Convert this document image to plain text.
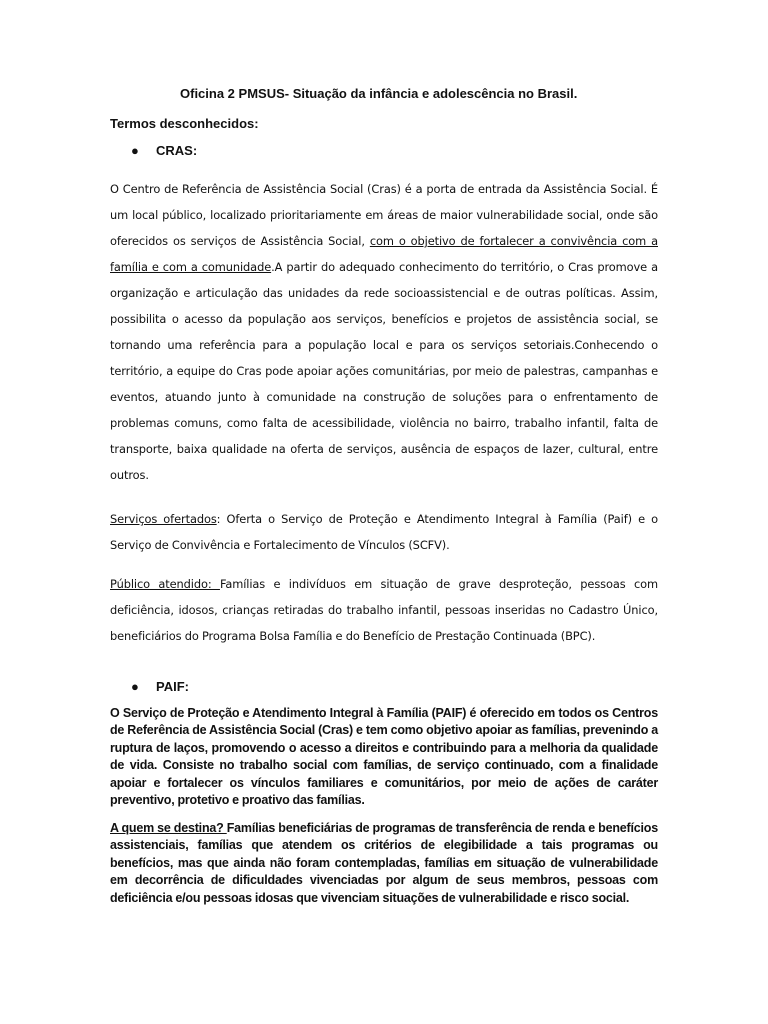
Oficina 2 PMSUS- Situação da infância e adolescência no Brasil.
Termos desconhecidos:
● CRAS:

O Centro de Referência de Assistência Social (Cras) é a porta de entrada da Assistência Social. É um local público, localizado prioritariamente em áreas de maior vulnerabilidade social, onde são oferecidos os serviços de Assistência Social, com o objetivo de fortalecer a convivência com a família e com a comunidade.A partir do adequado conhecimento do território, o Cras promove a organização e articulação das unidades da rede socioassistencial e de outras políticas. Assim, possibilita o acesso da população aos serviços, benefícios e projetos de assistência social, se tornando uma referência para a população local e para os serviços setoriais.Conhecendo o território, a equipe do Cras pode apoiar ações comunitárias, por meio de palestras, campanhas e eventos, atuando junto à comunidade na construção de soluções para o enfrentamento de problemas comuns, como falta de acessibilidade, violência no bairro, trabalho infantil, falta de transporte, baixa qualidade na oferta de serviços, ausência de espaços de lazer, cultural, entre outros.

Serviços ofertados: Oferta o Serviço de Proteção e Atendimento Integral à Família (Paif) e o Serviço de Convivência e Fortalecimento de Vínculos (SCFV).

Público atendido: Famílias e indivíduos em situação de grave desproteção, pessoas com deficiência, idosos, crianças retiradas do trabalho infantil, pessoas inseridas no Cadastro Único, beneficiários do Programa Bolsa Família e do Benefício de Prestação Continuada (BPC).

● PAIF:

O Serviço de Proteção e Atendimento Integral à Família (PAIF) é oferecido em todos os Centros de Referência de Assistência Social (Cras) e tem como objetivo apoiar as famílias, prevenindo a ruptura de laços, promovendo o acesso a direitos e contribuindo para a melhoria da qualidade de vida. Consiste no trabalho social com famílias, de serviço continuado, com a finalidade apoiar e fortalecer os vínculos familiares e comunitários, por meio de ações de caráter preventivo, protetivo e proativo das famílias.

A quem se destina? Famílias beneficiárias de programas de transferência de renda e benefícios assistenciais, famílias que atendem os critérios de elegibilidade a tais programas ou benefícios, mas que ainda não foram contempladas, famílias em situação de vulnerabilidade em decorrência de dificuldades vivenciadas por algum de seus membros, pessoas com deficiência e/ou pessoas idosas que vivenciam situações de vulnerabilidade e risco social.
